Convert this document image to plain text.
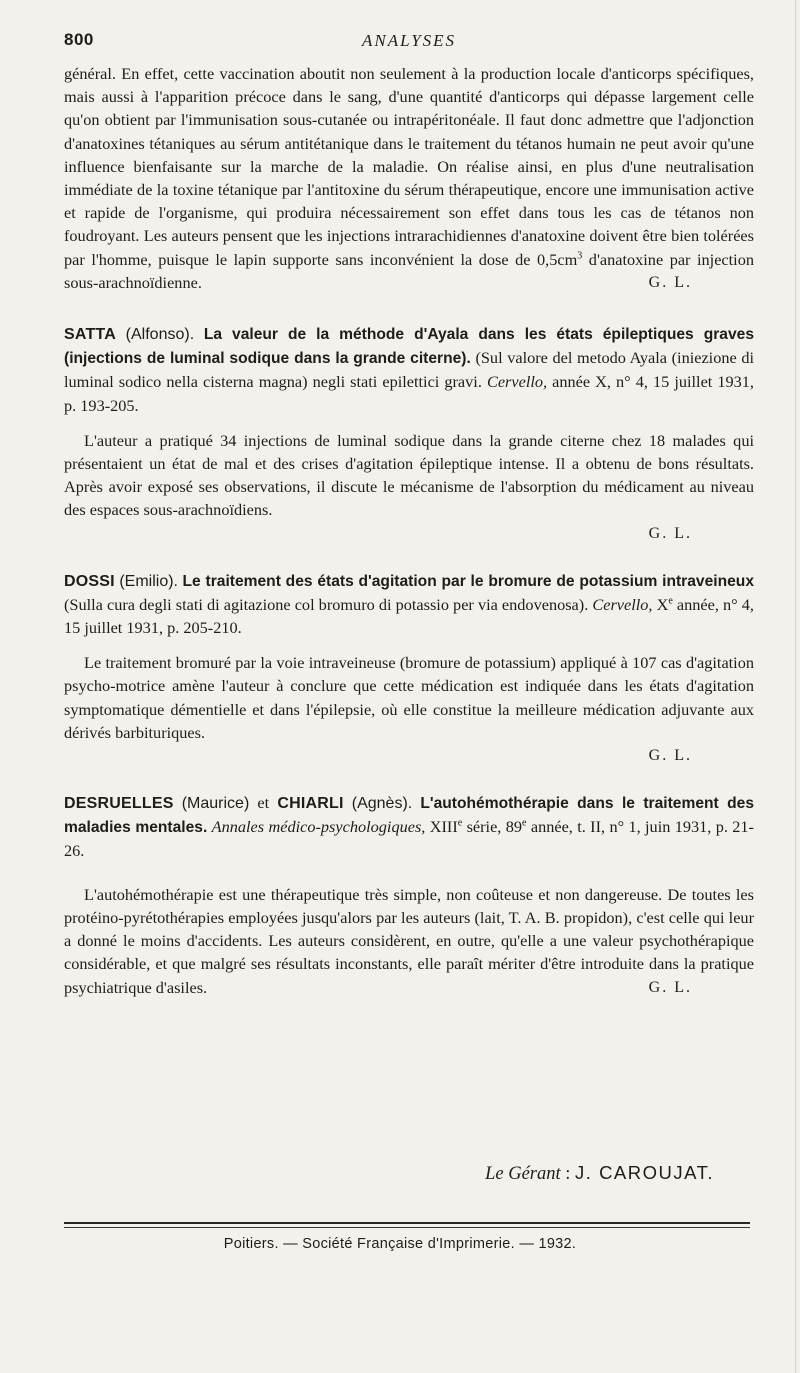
800	ANALYSES

général. En effet, cette vaccination aboutit non seulement à la production locale d'anticorps spécifiques, mais aussi à l'apparition précoce dans le sang, d'une quantité d'anticorps qui dépasse largement celle qu'on obtient par l'immunisation sous-cutanée ou intrapéritonéale. Il faut donc admettre que l'adjonction d'anatoxines tétaniques au sérum antitétanique dans le traitement du tétanos humain ne peut avoir qu'une influence bienfaisante sur la marche de la maladie. On réalise ainsi, en plus d'une neutralisation immédiate de la toxine tétanique par l'antitoxine du sérum thérapeutique, encore une immunisation active et rapide de l'organisme, qui produira nécessairement son effet dans tous les cas de tétanos non foudroyant. Les auteurs pensent que les injections intrarachidiennes d'anatoxine doivent être bien tolérées par l'homme, puisque le lapin supporte sans inconvénient la dose de $0,5cm^3$ d'anatoxine par injection sous-arachnoïdienne.	G. L.

SATTA (Alfonso). La valeur de la méthode d'Ayala dans les états épileptiques graves (injections de luminal sodique dans la grande citerne). (Sul valore del metodo Ayala (iniezione di luminal sodico nella cisterna magna) negli stati epilettici gravi. Cervello, année X, n° 4, 15 juillet 1931, p. 193-205.

L'auteur a pratiqué 34 injections de luminal sodique dans la grande citerne chez 18 malades qui présentaient un état de mal et des crises d'agitation épileptique intense. Il a obtenu de bons résultats. Après avoir exposé ses observations, il discute le mécanisme de l'absorption du médicament au niveau des espaces sous-arachnoïdiens.

G. L.

DOSSI (Emilio). Le traitement des états d'agitation par le bromure de potassium intraveineux (Sulla cura degli stati di agitazione col bromuro di potassio per via endovenosa). Cervello, Xe année, n° 4, 15 juillet 1931, p. 205-210.

Le traitement bromuré par la voie intraveineuse (bromure de potassium) appliqué à 107 cas d'agitation psycho-motrice amène l'auteur à conclure que cette médication est indiquée dans les états d'agitation symptomatique démentielle et dans l'épilepsie, où elle constitue la meilleure médication adjuvante aux dérivés barbituriques.

G. L.

DESRUELLES (Maurice) et CHIARLI (Agnès). L'autohémothérapie dans le traitement des maladies mentales. Annales médico-psychologiques, XIIIe série, 89e année, t. II, n° 1, juin 1931, p. 21-26.

L'autohémothérapie est une thérapeutique très simple, non coûteuse et non dangereuse. De toutes les protéino-pyrétothérapies employées jusqu'alors par les auteurs (lait, T. A. B. propidon), c'est celle qui leur a donné le moins d'accidents. Les auteurs considèrent, en outre, qu'elle a une valeur psychothérapique considérable, et que malgré ses résultats inconstants, elle paraît mériter d'être introduite dans la pratique psychiatrique d'asiles.	G. L.

Le Gérant : J. CAROUJAT.
Poitiers. — Société Française d'Imprimerie. — 1932.
